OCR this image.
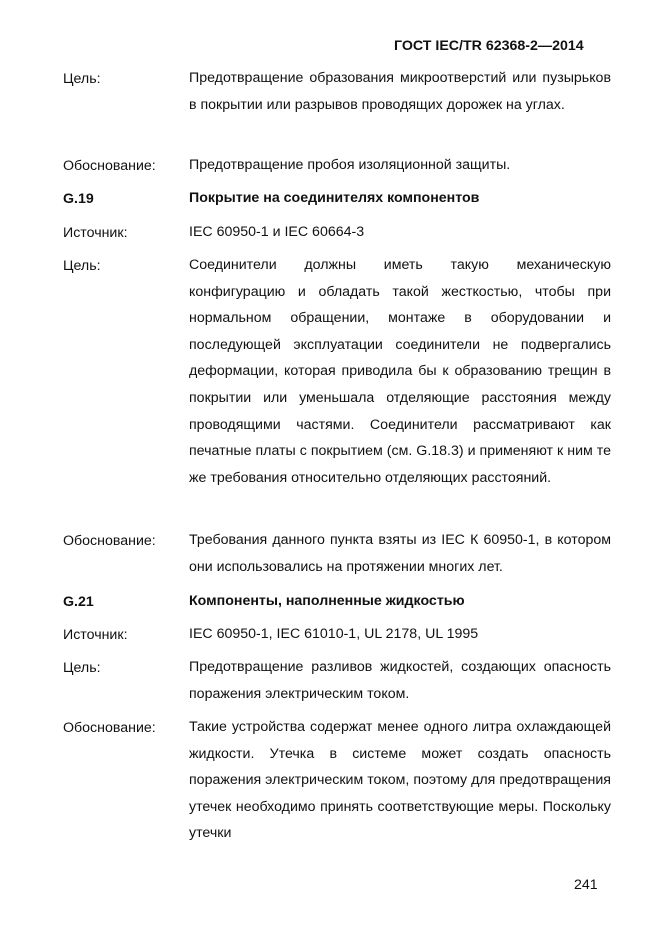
ГОСТ IEC/TR 62368-2—2014
Цель:	Предотвращение образования микроотверстий или пузырьков в покрытии или разрывов проводящих дорожек на углах.
Обоснование: Предотвращение пробоя изоляционной защиты.
G.19	Покрытие на соединителях компонентов
Источник:	IEC 60950-1 и IEC 60664-3
Цель:	Соединители должны иметь такую механическую конфигурацию и обладать такой жесткостью, чтобы при нормальном обращении, монтаже в оборудовании и последующей эксплуатации соединители не подвергались деформации, которая приводила бы к образованию трещин в покрытии или уменьшала отделяющие расстояния между проводящими частями. Соединители рассматривают как печатные платы с покрытием (см. G.18.3) и применяют к ним те же требования относительно отделяющих расстояний.
Обоснование: Требования данного пункта взяты из IEC К 60950-1, в котором они использовались на протяжении многих лет.
G.21	Компоненты, наполненные жидкостью
Источник:	IEC 60950-1, IEC 61010-1, UL 2178, UL 1995
Цель:	Предотвращение разливов жидкостей, создающих опасность поражения электрическим током.
Обоснование: Такие устройства содержат менее одного литра охлаждающей жидкости. Утечка в системе может создать опасность поражения электрическим током, поэтому для предотвращения утечек необходимо принять соответствующие меры. Поскольку утечки
241
